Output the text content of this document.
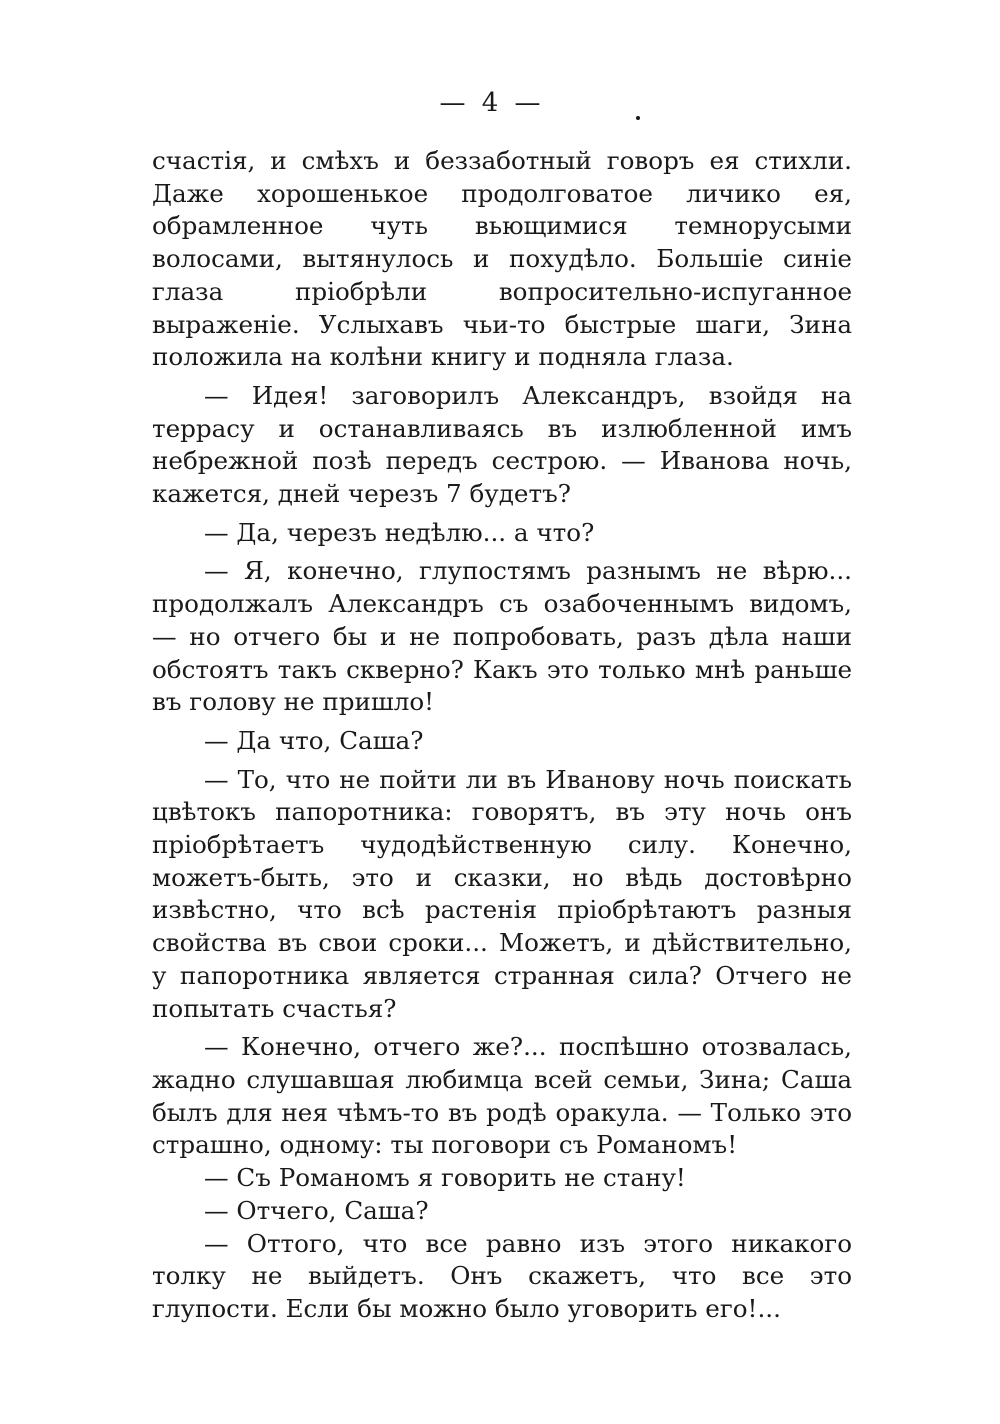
— 4 —

счастія, и смѣхъ и беззаботный говоръ ея стихли. Даже хорошенькое продолговатое личико ея, обрамленное чуть вьющимися темнорусыми волосами, вытянулось и похудѣло. Большіе синіе глаза пріобрѣли вопросительно-испуганное выраженіе. Услыхавъ чьи-то быстрые шаги, Зина положила на колѣни книгу и подняла глаза.

— Идея! заговорилъ Александръ, взойдя на террасу и останавливаясь въ излюбленной имъ небрежной позѣ передъ сестрою. — Иванова ночь, кажется, дней черезъ 7 будетъ?

— Да, черезъ недѣлю... а что?

— Я, конечно, глупостямъ разнымъ не вѣрю... продолжалъ Александръ съ озабоченнымъ видомъ, — но отчего бы и не попробовать, разъ дѣла наши обстоятъ такъ скверно? Какъ это только мнѣ раньше въ голову не пришло!

— Да что, Саша?

— То, что не пойти ли въ Иванову ночь поискать цвѣтокъ папоротника: говорятъ, въ эту ночь онъ пріобрѣтаетъ чудодѣйственную силу. Конечно, можетъ-быть, это и сказки, но вѣдь достовѣрно извѣстно, что всѣ растенія пріобрѣтаютъ разныя свойства въ свои сроки... Можетъ, и дѣйствительно, у папоротника является странная сила? Отчего не попытать счастья?

— Конечно, отчего же?... поспѣшно отозвалась, жадно слушавшая любимца всей семьи, Зина; Саша былъ для нея чѣмъ-то въ родѣ оракула. — Только это страшно, одному: ты поговори съ Романомъ!

— Съ Романомъ я говорить не стану!

— Отчего, Саша?

— Оттого, что все равно изъ этого никакого толку не выйдетъ. Онъ скажетъ, что все это глупости. Если бы можно было уговорить его!...
